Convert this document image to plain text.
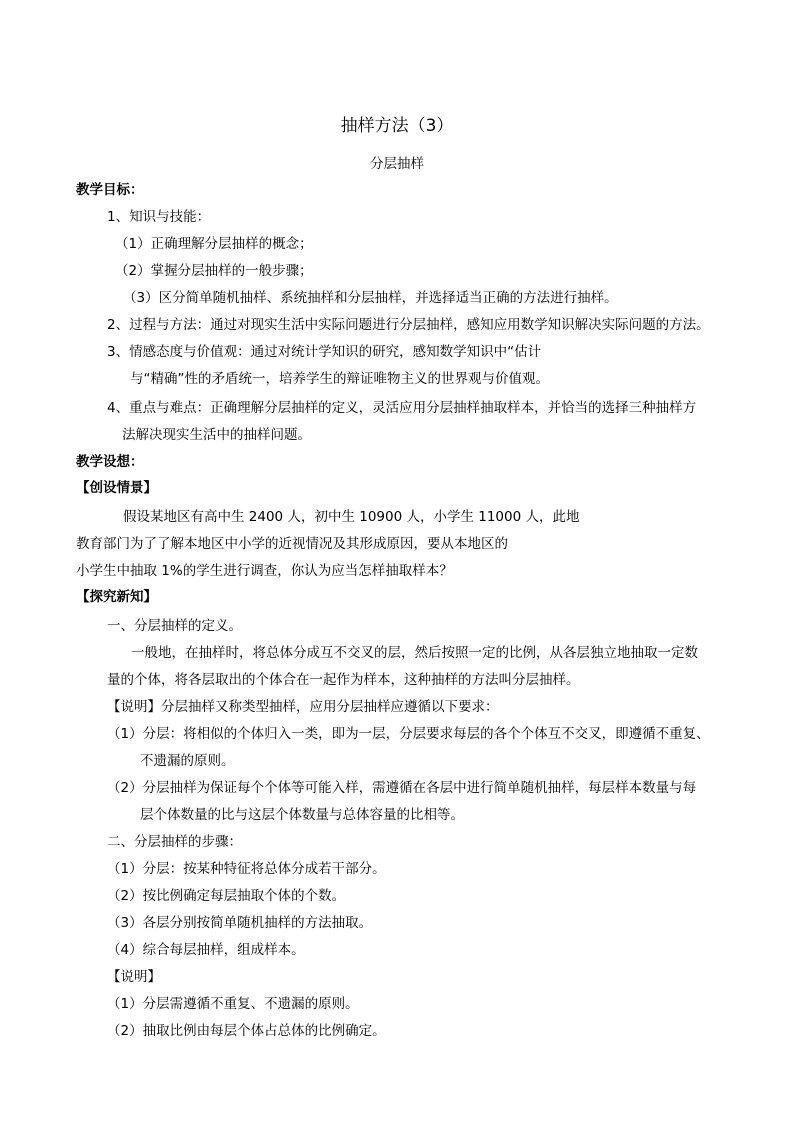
抽样方法（3）
分层抽样
教学目标：
1、知识与技能：
（1）正确理解分层抽样的概念；
（2）掌握分层抽样的一般步骤；
（3）区分简单随机抽样、系统抽样和分层抽样，并选择适当正确的方法进行抽样。
2、过程与方法：通过对现实生活中实际问题进行分层抽样，感知应用数学知识解决实际问题的方法。
3、情感态度与价值观：通过对统计学知识的研究，感知数学知识中“估计
与“精确”性的矛盾统一，培养学生的辩证唯物主义的世界观与价值观。
4、重点与难点：正确理解分层抽样的定义，灵活应用分层抽样抽取样本，并恰当的选择三种抽样方
法解决现实生活中的抽样问题。
教学设想：
【创设情景】
假设某地区有高中生 2400 人，初中生 10900 人，小学生 11000 人，此地
教育部门为了了解本地区中小学的近视情况及其形成原因，要从本地区的
小学生中抽取 1%的学生进行调查，你认为应当怎样抽取样本？
【探究新知】
一、分层抽样的定义。
一般地，在抽样时，将总体分成互不交叉的层，然后按照一定的比例，从各层独立地抽取一定数
量的个体，将各层取出的个体合在一起作为样本，这种抽样的方法叫分层抽样。
【说明】分层抽样又称类型抽样，应用分层抽样应遵循以下要求：
（1）分层：将相似的个体归入一类，即为一层，分层要求每层的各个个体互不交叉，即遵循不重复、
不遗漏的原则。
（2）分层抽样为保证每个个体等可能入样，需遵循在各层中进行简单随机抽样，每层样本数量与每
层个体数量的比与这层个体数量与总体容量的比相等。
二、分层抽样的步骤：
（1）分层：按某种特征将总体分成若干部分。
（2）按比例确定每层抽取个体的个数。
（3）各层分别按简单随机抽样的方法抽取。
（4）综合每层抽样，组成样本。
【说明】
（1）分层需遵循不重复、不遗漏的原则。
（2）抽取比例由每层个体占总体的比例确定。
